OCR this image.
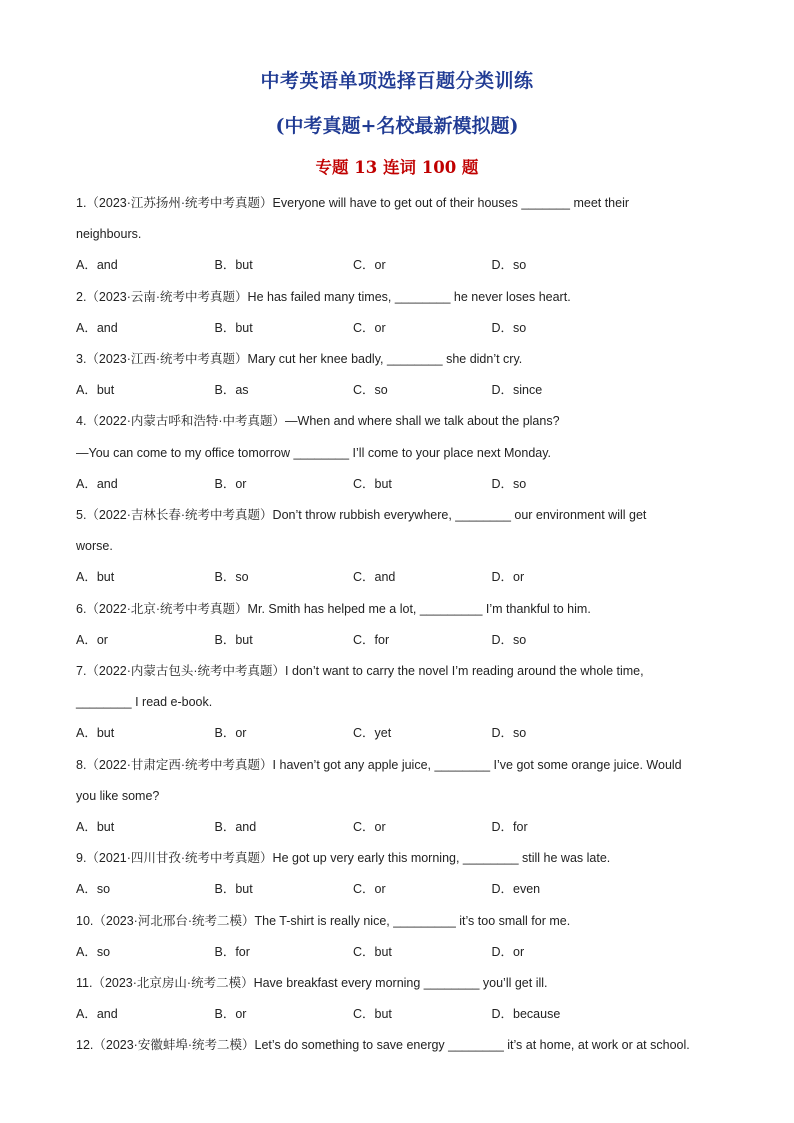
中考英语单项选择百题分类训练
(中考真题+名校最新模拟题)
专题 13 连词 100 题
1.（2023·江苏扬州·统考中考真题）Everyone will have to get out of their houses _______ meet their
neighbours.
A．and	B．but	C．or	D．so
2.（2023·云南·统考中考真题）He has failed many times, ________ he never loses heart.
A．and	B．but	C．or	D．so
3.（2023·江西·统考中考真题）Mary cut her knee badly, ________ she didn’t cry.
A．but	B．as	C．so	D．since
4.（2022·内蒙古呼和浩特·中考真题）—When and where shall we talk about the plans?
—You can come to my office tomorrow ________ I’ll come to your place next Monday.
A．and	B．or	C．but	D．so
5.（2022·吉林长春·统考中考真题）Don’t throw rubbish everywhere, ________ our environment will get
worse.
A．but	B．so	C．and	D．or
6.（2022·北京·统考中考真题）Mr. Smith has helped me a lot, _________ I’m thankful to him.
A．or	B．but	C．for	D．so
7.（2022·内蒙古包头·统考中考真题）I don’t want to carry the novel I’m reading around the whole time,
________ I read e-book.
A．but	B．or	C．yet	D．so
8.（2022·甘肃定西·统考中考真题）I haven’t got any apple juice, ________ I’ve got some orange juice. Would
you like some?
A．but	B．and	C．or	D．for
9.（2021·四川甘孜·统考中考真题）He got up very early this morning, ________ still he was late.
A．so	B．but	C．or	D．even
10.（2023·河北邢台·统考二模）The T-shirt is really nice, _________ it’s too small for me.
A．so	B．for	C．but	D．or
11.（2023·北京房山·统考二模）Have breakfast every morning ________ you’ll get ill.
A．and	B．or	C．but	D．because
12.（2023·安徽蚌埠·统考二模）Let’s do something to save energy ________ it’s at home, at work or at school.
